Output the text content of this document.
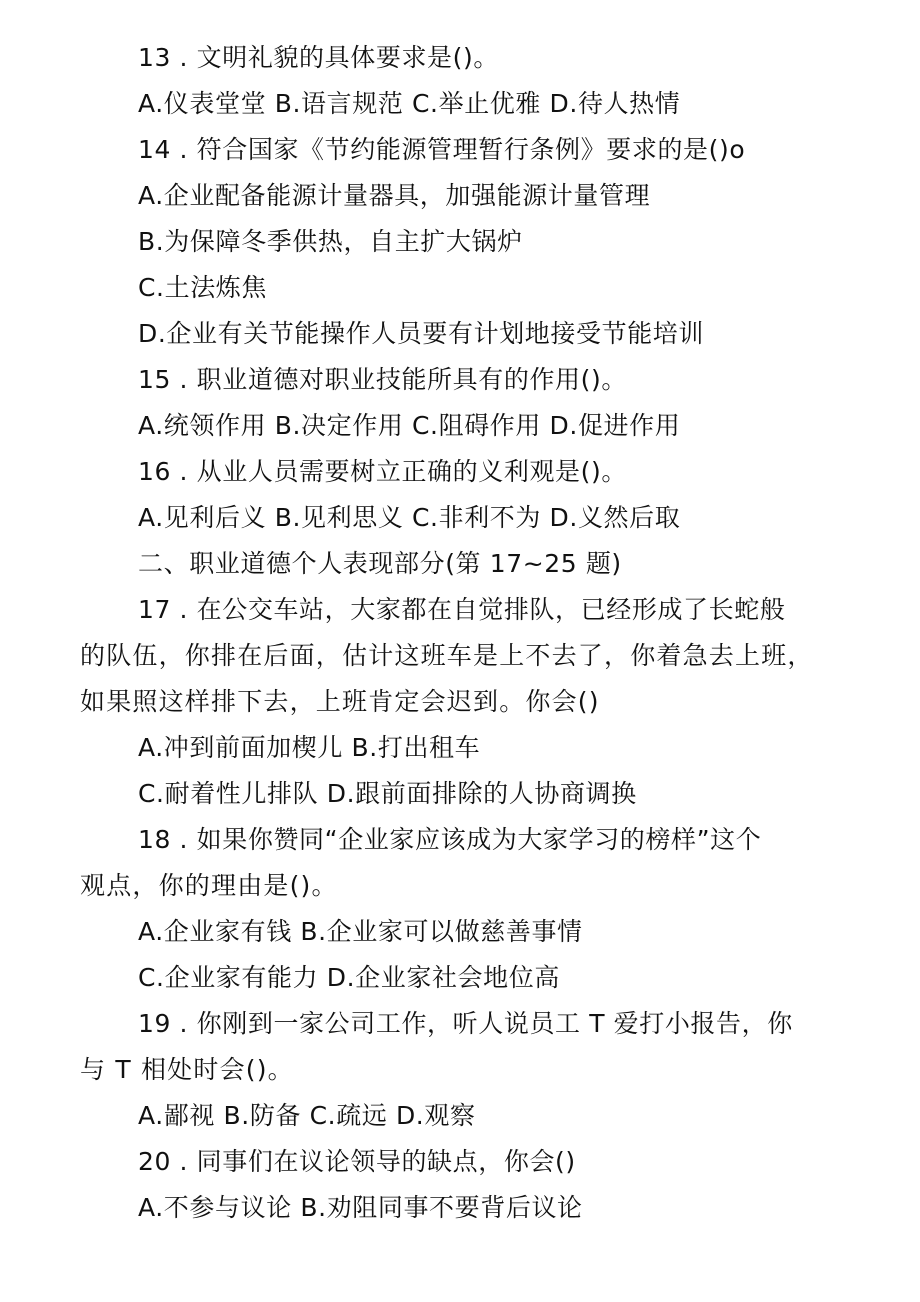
13 . 文明礼貌的具体要求是()。
A.仪表堂堂 B.语言规范 C.举止优雅 D.待人热情
14 . 符合国家《节约能源管理暂行条例》要求的是()o
A.企业配备能源计量器具，加强能源计量管理
B.为保障冬季供热，自主扩大锅炉
C.土法炼焦
D.企业有关节能操作人员要有计划地接受节能培训
15 . 职业道德对职业技能所具有的作用()。
A.统领作用 B.决定作用 C.阻碍作用 D.促进作用
16 . 从业人员需要树立正确的义利观是()。
A.见利后义 B.见利思义 C.非利不为 D.义然后取
二、职业道德个人表现部分(第 17~25 题)
17 . 在公交车站，大家都在自觉排队，已经形成了长蛇般
的队伍，你排在后面，估计这班车是上不去了，你着急去上班，
如果照这样排下去，上班肯定会迟到。你会()
A.冲到前面加楔儿 B.打出租车
C.耐着性儿排队 D.跟前面排除的人协商调换
18 . 如果你赞同“企业家应该成为大家学习的榜样”这个
观点，你的理由是()。
A.企业家有钱 B.企业家可以做慈善事情
C.企业家有能力 D.企业家社会地位高
19 . 你刚到一家公司工作，听人说员工 T 爱打小报告，你
与 T 相处时会()。
A.鄙视 B.防备 C.疏远 D.观察
20 . 同事们在议论领导的缺点，你会()
A.不参与议论 B.劝阻同事不要背后议论
